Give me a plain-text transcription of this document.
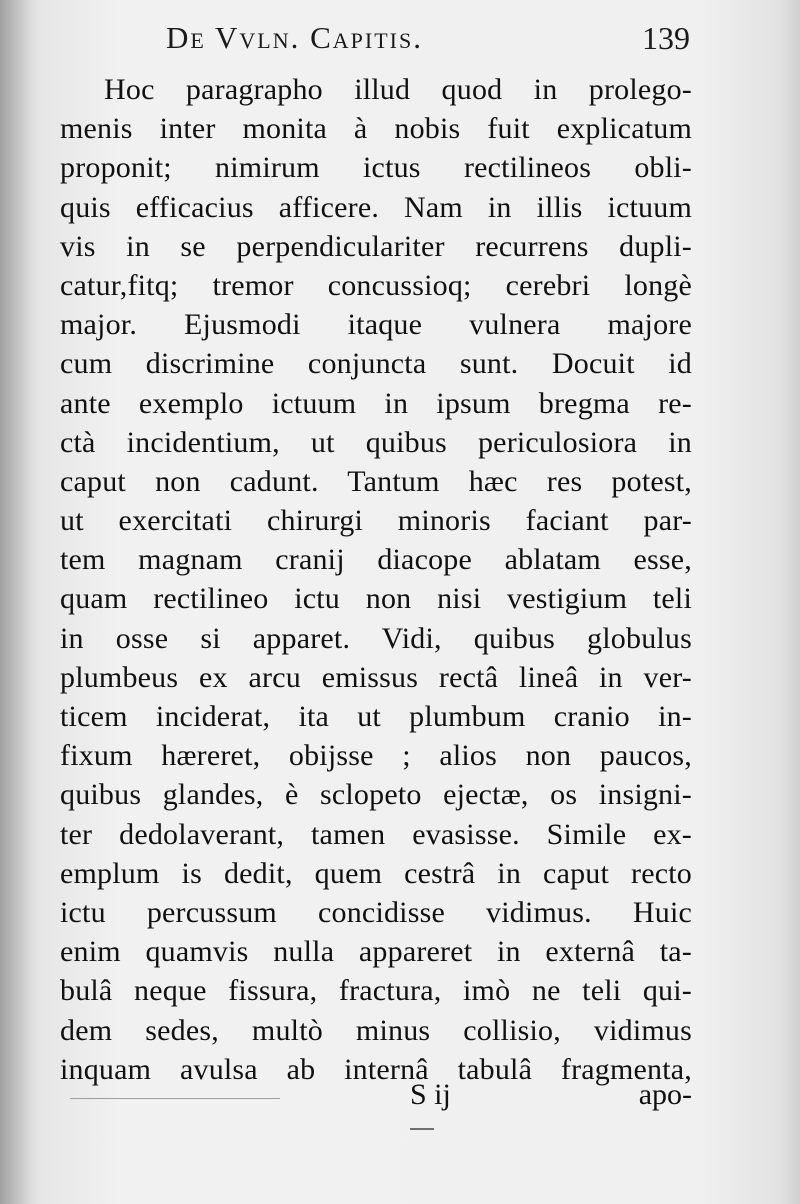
De Vvln. Capitis.	139
Hoc paragrapho illud quod in prolego-
menis inter monita à nobis fuit explicatum
proponit; nimirum ictus rectilineos obli-
quis efficacius afficere. Nam in illis ictuum
vis in se perpendiculariter recurrens dupli-
catur,fitq; tremor concussioq; cerebri longè
major. Ejusmodi itaque vulnera majore
cum discrimine conjuncta sunt. Docuit id
ante exemplo ictuum in ipsum bregma re-
ctà incidentium, ut quibus periculosiora in
caput non cadunt. Tantum hæc res potest,
ut exercitati chirurgi minoris faciant par-
tem magnam cranij diacope ablatam esse,
quam rectilineo ictu non nisi vestigium teli
in osse si apparet. Vidi, quibus globulus
plumbeus ex arcu emissus rectâ lineâ in ver-
ticem inciderat, ita ut plumbum cranio in-
fixum hæreret, obijsse ; alios non paucos,
quibus glandes, è sclopeto ejectæ, os insigni-
ter dedolaverant, tamen evasisse. Simile ex-
emplum is dedit, quem cestrâ in caput recto
ictu percussum concidisse vidimus. Huic
enim quamvis nulla appareret in externâ ta-
bulâ neque fissura, fractura, imò ne teli qui-
dem sedes, multò minus collisio, vidimus
inquam avulsa ab internâ tabulâ fragmenta,
S ij	apo-
